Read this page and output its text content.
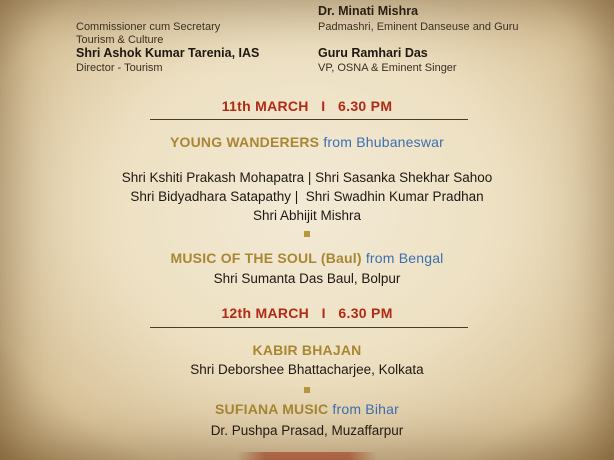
Commissioner cum Secretary
Tourism & Culture
Shri Ashok Kumar Tarenia, IAS
Director - Tourism
Dr. Minati Mishra
Padmashri, Eminent Danseuse and Guru
Guru Ramhari Das
VP, OSNA & Eminent Singer
11th MARCH   I   6.30 PM
YOUNG WANDERERS from Bhubaneswar
Shri Kshiti Prakash Mohapatra | Shri Sasanka Shekhar Sahoo
Shri Bidyadhara Satapathy |  Shri Swadhin Kumar Pradhan
Shri Abhijit Mishra
MUSIC OF THE SOUL (Baul) from Bengal
Shri Sumanta Das Baul, Bolpur
12th MARCH   I   6.30 PM
KABIR BHAJAN
Shri Deborshee Bhattacharjee, Kolkata
SUFIANA MUSIC from Bihar
Dr. Pushpa Prasad, Muzaffarpur
